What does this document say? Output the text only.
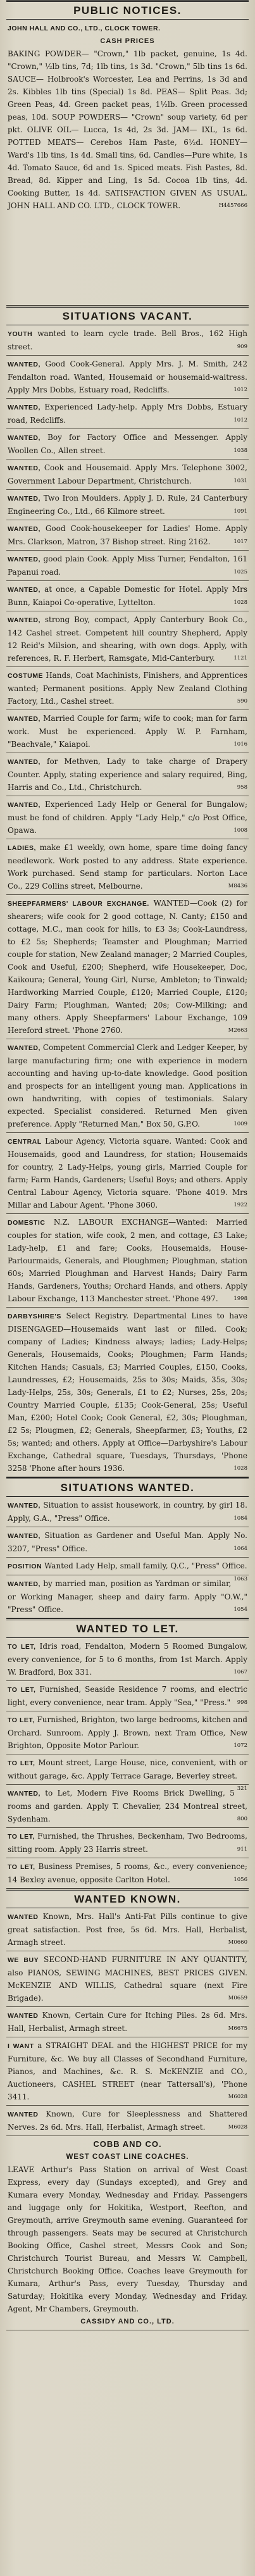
PUBLIC NOTICES.
JOHN HALL AND CO., LTD., CLOCK TOWER.
CASH PRICES
BAKING POWDER— "Crown," 1lb packet, genuine, 1s 4d. "Crown," ½lb tins, 7d; 1lb tins, 1s 3d. "Crown," 5lb tins 1s 6d. SAUCE— Holbrook's Worcester, Lea and Perrins, 1s 3d and 2s. Kibbles 1lb tins (Special) 1s 8d. PEAS— Split Peas. 3d; Green Peas, 4d. Green packet peas, 1½lb. Green processed peas, 10d. SOUP POWDERS— "Crown" soup variety, 6d per pkt. OLIVE OIL— Lucca, 1s 4d, 2s 3d. JAM— IXL, 1s 6d. POTTED MEATS— Cerebos Ham Paste, 6½d. HONEY— Ward's 1lb tins, 1s 4d. Small tins, 6d. Candles—Pure white, 1s 4d. Tomato Sauce, 6d and 1s. Spiced meats. Fish Pastes, 8d. Bread, 8d. Kipper and Ling, 1s 5d. Cocoa 1lb tins, 4d. Cooking Butter, 1s 4d. SATISFACTION GIVEN AS USUAL. JOHN HALL AND CO. LTD., CLOCK TOWER.	H4457666
SITUATIONS VACANT.
YOUTH wanted to learn cycle trade. Bell Bros., 162 High street.	909
WANTED, Good Cook-General. Apply Mrs. J. M. Smith, 242 Fendalton road. Wanted, Housemaid or housemaid-waitress. Apply Mrs Dobbs, Estuary road, Redcliffs.	1012
WANTED, Experienced Lady-help. Apply Mrs Dobbs, Estuary road, Redcliffs.	1012
WANTED, Boy for Factory Office and Messenger. Apply Woollen Co., Allen street.	1038
WANTED, Cook and Housemaid. Apply Mrs. Telephone 3002, Government Labour Department, Christchurch.	1031
WANTED, Two Iron Moulders. Apply J. D. Rule, 24 Canterbury Engineering Co., Ltd., 66 Kilmore street.	1091
WANTED, Good Cook-housekeeper for Ladies' Home. Apply Mrs. Clarkson, Matron, 37 Bishop street. Ring 2162.	1017
WANTED, good plain Cook. Apply Miss Turner, Fendalton, 161 Papanui road.	1025
WANTED, at once, a Capable Domestic for Hotel. Apply Mrs Bunn, Kaiapoi Co-operative, Lyttelton.	1028
WANTED, strong Boy, compact, Apply Canterbury Book Co., 142 Cashel street. Competent hill country Shepherd, Apply 12 Reid's Milsion, and shearing, with own dogs. Apply, with references, R. F. Herbert, Ramsgate, Mid-Canterbury.	1121
COSTUME Hands, Coat Machinists, Finishers, and Apprentices wanted; Permanent positions. Apply New Zealand Clothing Factory, Ltd., Cashel street.	590
WANTED, Married Couple for farm; wife to cook; man for farm work. Must be experienced. Apply W. P. Farnham, "Beachvale," Kaiapoi.	1016
WANTED, for Methven, Lady to take charge of Drapery Counter. Apply, stating experience and salary required, Bing, Harris and Co., Ltd., Christchurch.	958
WANTED, Experienced Lady Help or General for Bungalow; must be fond of children. Apply "Lady Help," c/o Post Office, Opawa.	1008
LADIES, make £1 weekly, own home, spare time doing fancy needlework. Work posted to any address. State experience. Work purchased. Send stamp for particulars. Norton Lace Co., 229 Collins street, Melbourne.	M8436
SHEEPFARMERS' LABOUR EXCHANGE. WANTED—Cook (2) for shearers; wife cook for 2 good cottage, N. Canty; £150 and cottage, M.C., man cook for hills, to £3 3s; Cook-Laundress, to £2 5s; Shepherds; Teamster and Ploughman; Married couple for station, New Zealand manager; 2 Married Couples, Cook and Useful, £200; Shepherd, wife Housekeeper, Doc, Kaikoura; General, Young Girl, Nurse, Ambleton; to Tinwald; Hardworking Married Couple, £120; Married Couple, £120; Dairy Farm; Ploughman, Wanted; 20s; Cow-Milking; and many others. Apply Sheepfarmers' Labour Exchange, 109 Hereford street. 'Phone 2760.	M2663
WANTED, Competent Commercial Clerk and Ledger Keeper, by large manufacturing firm; one with experience in modern accounting and having up-to-date knowledge. Good position and prospects for an intelligent young man. Applications in own handwriting, with copies of testimonials. Salary expected. Specialist considered. Returned Men given preference. Apply "Returned Man," Box 50, G.P.O.	1009
CENTRAL Labour Agency, Victoria square. Wanted: Cook and Housemaids, good and Laundress, for station; Housemaids for country, 2 Lady-Helps, young girls, Married Couple for farm; Farm Hands, Gardeners; Useful Boys; and others. Apply Central Labour Agency, Victoria square. 'Phone 4019. Mrs Millar and Labour Agent. 'Phone 3060.	1922
DOMESTIC N.Z. LABOUR EXCHANGE—Wanted: Married couples for station, wife cook, 2 men, and cottage, £3 Lake; Lady-help, £1 and fare; Cooks, Housemaids, House-Parlourmaids, Generals, and Ploughmen; Ploughman, station 60s; Married Ploughman and Harvest Hands; Dairy Farm Hands, Gardeners, Youths; Orchard Hands, and others. Apply Labour Exchange, 113 Manchester street. 'Phone 497.	1998
DARBYSHIRE'S Select Registry. Departmental Lines to have DISENGAGED—Housemaids want last or filled. Cook; company of Ladies; Kindness always; ladies; Lady-Helps; Generals, Housemaids, Cooks; Ploughmen; Farm Hands; Kitchen Hands; Casuals, £3; Married Couples, £150, Cooks, Laundresses, £2; Housemaids, 25s to 30s; Maids, 35s, 30s; Lady-Helps, 25s, 30s; Generals, £1 to £2; Nurses, 25s, 20s; Country Married Couple, £135; Cook-General, 25s; Useful Man, £200; Hotel Cook; Cook General, £2, 30s; Ploughman, £2 5s; Plougmen, £2; Generals, Sheepfarmer, £3; Youths, £2 5s; wanted; and others. Apply at Office—Darbyshire's Labour Exchange, Cathedral square, Tuesdays, Thursdays, 'Phone 3258 'Phone after hours 1936.	1028
SITUATIONS WANTED.
WANTED, Situation to assist housework, in country, by girl 18. Apply, G.A., "Press" Office.	1084
WANTED, Situation as Gardener and Useful Man. Apply No. 3207, "Press" Office.	1064
POSITION Wanted Lady Help, small family, Q.C., "Press" Office.
1063
WANTED, by married man, position as Yardman or similar, or Working Manager, sheep and dairy farm. Apply "O.W.," "Press" Office.	1054
WANTED TO LET.
TO LET, Idris road, Fendalton, Modern 5 Roomed Bungalow, every convenience, for 5 to 6 months, from 1st March. Apply W. Bradford, Box 331.	1067
TO LET, Furnished, Seaside Residence 7 rooms, and electric light, every convenience, near tram. Apply "Sea," "Press."	998
TO LET, Furnished, Brighton, two large bedrooms, kitchen and Orchard. Sunroom. Apply J. Brown, next Tram Office, New Brighton, Opposite Motor Parlour.	1072
TO LET, Mount street, Large House, nice, convenient, with or without garage, &c. Apply Terrace Garage, Beverley street.
321
WANTED, to Let, Modern Five Rooms Brick Dwelling, 5 rooms and garden. Apply T. Chevalier, 234 Montreal street, Sydenham.	800
TO LET, Furnished, the Thrushes, Beckenham, Two Bedrooms, sitting room. Apply 23 Harris street.	911
TO LET, Business Premises, 5 rooms, &c., every convenience; 14 Bexley avenue, opposite Carlton Hotel.	1056
WANTED KNOWN.
WANTED Known, Mrs. Hall's Anti-Fat Pills continue to give great satisfaction. Post free, 5s 6d. Mrs. Hall, Herbalist, Armagh street.	M0660
WE BUY SECOND-HAND FURNITURE IN ANY QUANTITY, also PIANOS, SEWING MACHINES, BEST PRICES GIVEN. McKENZIE AND WILLIS, Cathedral square (next Fire Brigade).	M0659
WANTED Known, Certain Cure for Itching Piles. 2s 6d. Mrs. Hall, Herbalist, Armagh street.	M6675
I WANT a STRAIGHT DEAL and the HIGHEST PRICE for my Furniture, &c. We buy all Classes of Secondhand Furniture, Pianos, and Machines, &c. R. S. McKENZIE and CO., Auctioneers, CASHEL STREET (near Tattersall's), 'Phone 3411.	M6028
WANTED Known, Cure for Sleeplessness and Shattered Nerves. 2s 6d. Mrs. Hall, Herbalist, Armagh street.	M6028
COBB AND CO.
WEST COAST LINE COACHES.
LEAVE Arthur's Pass Station on arrival of West Coast Express, every day (Sundays excepted), and Grey and Kumara every Monday, Wednesday and Friday. Passengers and luggage only for Hokitika, Westport, Reefton, and Greymouth, arrive Greymouth same evening. Guaranteed for through passengers. Seats may be secured at Christchurch Booking Office, Cashel street, Messrs Cook and Son; Christchurch Tourist Bureau, and Messrs W. Campbell, Christchurch Booking Office. Coaches leave Greymouth for Kumara, Arthur's Pass, every Tuesday, Thursday and Saturday; Hokitika every Monday, Wednesday and Friday. Agent, Mr Chambers, Greymouth.
CASSIDY AND CO., LTD.
